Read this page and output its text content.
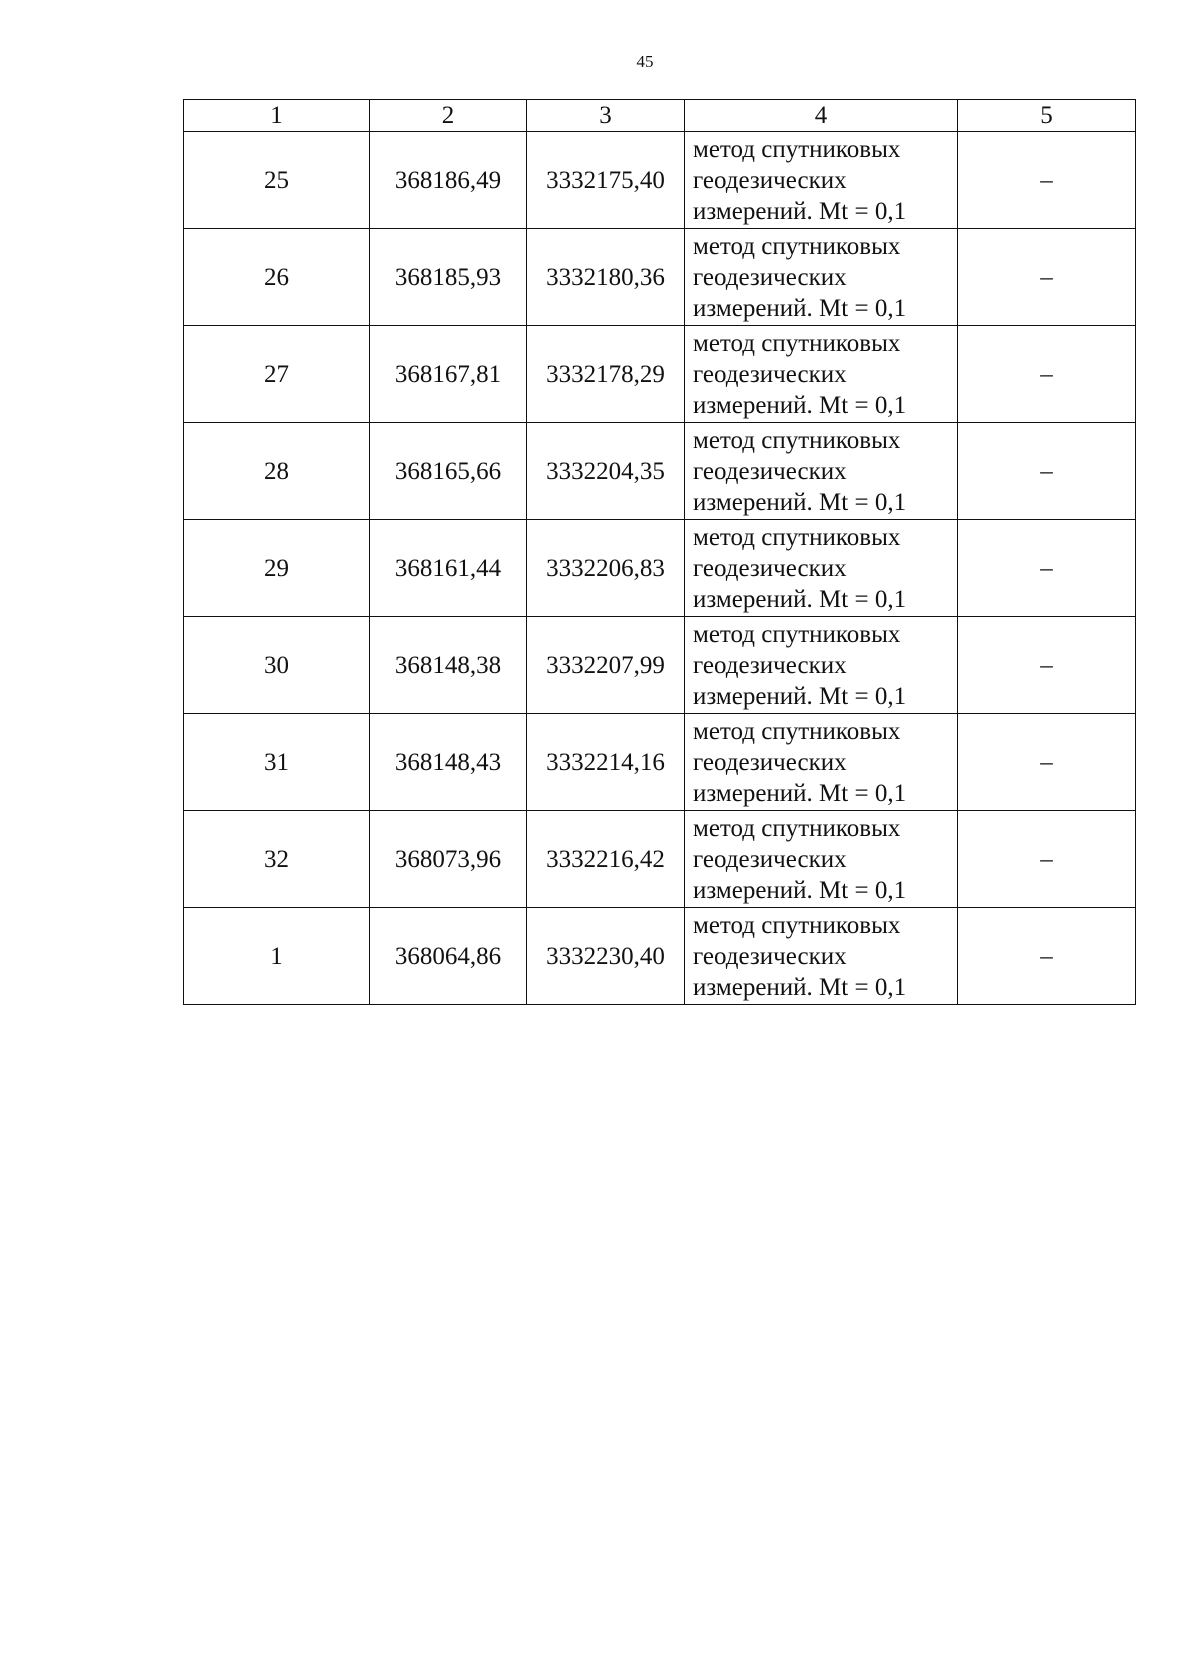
45
1	2	3	4	5
25	368186,49	3332175,40	метод спутниковых
геодезических
измерений. Mt = 0,1	–
26	368185,93	3332180,36	метод спутниковых
геодезических
измерений. Mt = 0,1	–
27	368167,81	3332178,29	метод спутниковых
геодезических
измерений. Mt = 0,1	–
28	368165,66	3332204,35	метод спутниковых
геодезических
измерений. Mt = 0,1	–
29	368161,44	3332206,83	метод спутниковых
геодезических
измерений. Mt = 0,1	–
30	368148,38	3332207,99	метод спутниковых
геодезических
измерений. Mt = 0,1	–
31	368148,43	3332214,16	метод спутниковых
геодезических
измерений. Mt = 0,1	–
32	368073,96	3332216,42	метод спутниковых
геодезических
измерений. Mt = 0,1	–
1	368064,86	3332230,40	метод спутниковых
геодезических
измерений. Mt = 0,1	–
